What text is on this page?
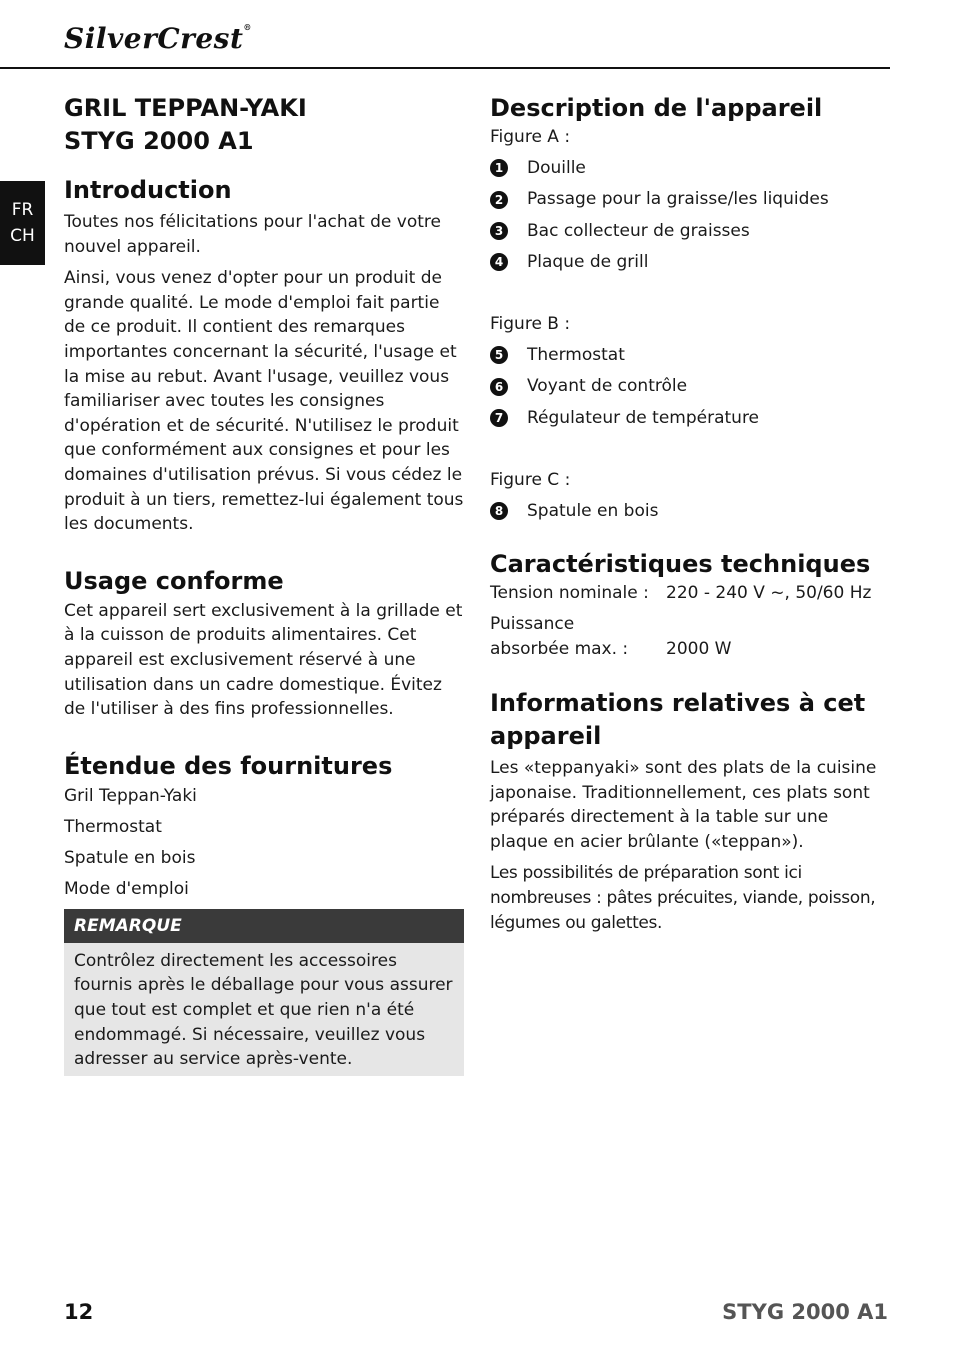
SilverCrest®
FR
CH
GRIL TEPPAN-YAKI
STYG 2000 A1
Introduction

Toutes nos félicitations pour l'achat de votre nouvel appareil.

Ainsi, vous venez d'opter pour un produit de grande qualité. Le mode d'emploi fait partie de ce produit. Il contient des remarques importantes concernant la sécurité, l'usage et la mise au rebut. Avant l'usage, veuillez vous familiariser avec toutes les consignes d'opération et de sécurité. N'utilisez le produit que conformément aux consignes et pour les domaines d'utilisation prévus. Si vous cédez le produit à un tiers, remettez-lui également tous les documents.

Usage conforme

Cet appareil sert exclusivement à la grillade et à la cuisson de produits alimentaires. Cet appareil est exclusivement réservé à une utilisation dans un cadre domestique. Évitez de l'utiliser à des fins professionnelles.

Étendue des fournitures
Gril Teppan-Yaki
Thermostat
Spatule en bois
Mode d'emploi
REMARQUE
Contrôlez directement les accessoires fournis après le déballage pour vous assurer que tout est complet et que rien n'a été endommagé. Si nécessaire, veuillez vous adresser au service après-vente.
Description de l'appareil
Figure A :
1 Douille
2 Passage pour la graisse/les liquides
3 Bac collecteur de graisses
4 Plaque de grill
Figure B :
5 Thermostat
6 Voyant de contrôle
7 Régulateur de température
Figure C :
8 Spatule en bois
Caractéristiques techniques
Tension nominale :	220 - 240 V ~, 50/60 Hz
Puissance
absorbée max. :	2000 W
Informations relatives à cet appareil

Les «teppanyaki» sont des plats de la cuisine japonaise. Traditionnellement, ces plats sont préparés directement à la table sur une plaque en acier brûlante («teppan»).

Les possibilités de préparation sont ici nombreuses : pâtes précuites, viande, poisson, légumes ou galettes.

12	STYG 2000 A1
